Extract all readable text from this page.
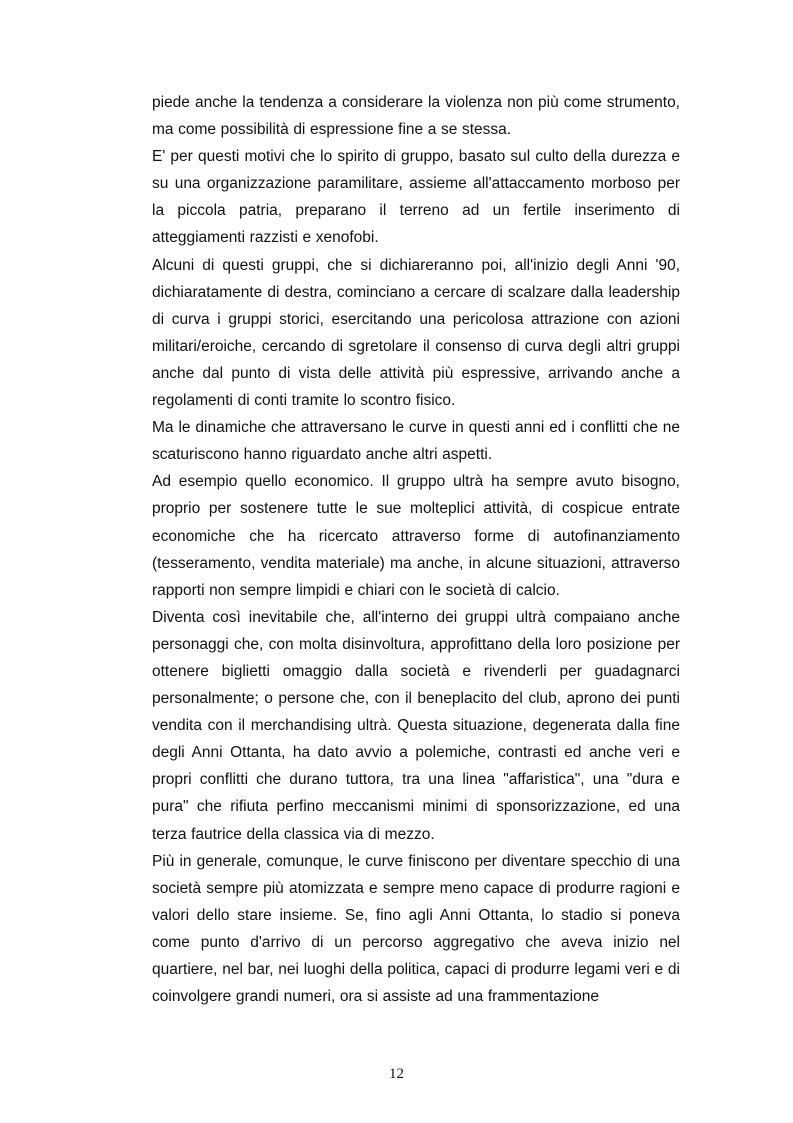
piede anche la tendenza a considerare la violenza non più come strumento, ma come possibilità di espressione fine a se stessa.

E' per questi motivi che lo spirito di gruppo, basato sul culto della durezza e su una organizzazione paramilitare, assieme all'attaccamento morboso per la piccola patria, preparano il terreno ad un fertile inserimento di atteggiamenti razzisti e xenofobi.

Alcuni di questi gruppi, che si dichiareranno poi, all'inizio degli Anni '90, dichiaratamente di destra, cominciano a cercare di scalzare dalla leadership di curva i gruppi storici, esercitando una pericolosa attrazione con azioni militari/eroiche, cercando di sgretolare il consenso di curva degli altri gruppi anche dal punto di vista delle attività più espressive, arrivando anche a regolamenti di conti tramite lo scontro fisico.

Ma le dinamiche che attraversano le curve in questi anni ed i conflitti che ne scaturiscono hanno riguardato anche altri aspetti.

Ad esempio quello economico. Il gruppo ultrà ha sempre avuto bisogno, proprio per sostenere tutte le sue molteplici attività, di cospicue entrate economiche che ha ricercato attraverso forme di autofinanziamento (tesseramento, vendita materiale) ma anche, in alcune situazioni, attraverso rapporti non sempre limpidi e chiari con le società di calcio.

Diventa così inevitabile che, all'interno dei gruppi ultrà compaiano anche personaggi che, con molta disinvoltura, approfittano della loro posizione per ottenere biglietti omaggio dalla società e rivenderli per guadagnarci personalmente; o persone che, con il beneplacito del club, aprono dei punti vendita con il merchandising ultrà. Questa situazione, degenerata dalla fine degli Anni Ottanta, ha dato avvio a polemiche, contrasti ed anche veri e propri conflitti che durano tuttora, tra una linea "affaristica", una "dura e pura" che rifiuta perfino meccanismi minimi di sponsorizzazione, ed una terza fautrice della classica via di mezzo.

Più in generale, comunque, le curve finiscono per diventare specchio di una società sempre più atomizzata e sempre meno capace di produrre ragioni e valori dello stare insieme. Se, fino agli Anni Ottanta, lo stadio si poneva come punto d'arrivo di un percorso aggregativo che aveva inizio nel quartiere, nel bar, nei luoghi della politica, capaci di produrre legami veri e di coinvolgere grandi numeri, ora si assiste ad una frammentazione

12
